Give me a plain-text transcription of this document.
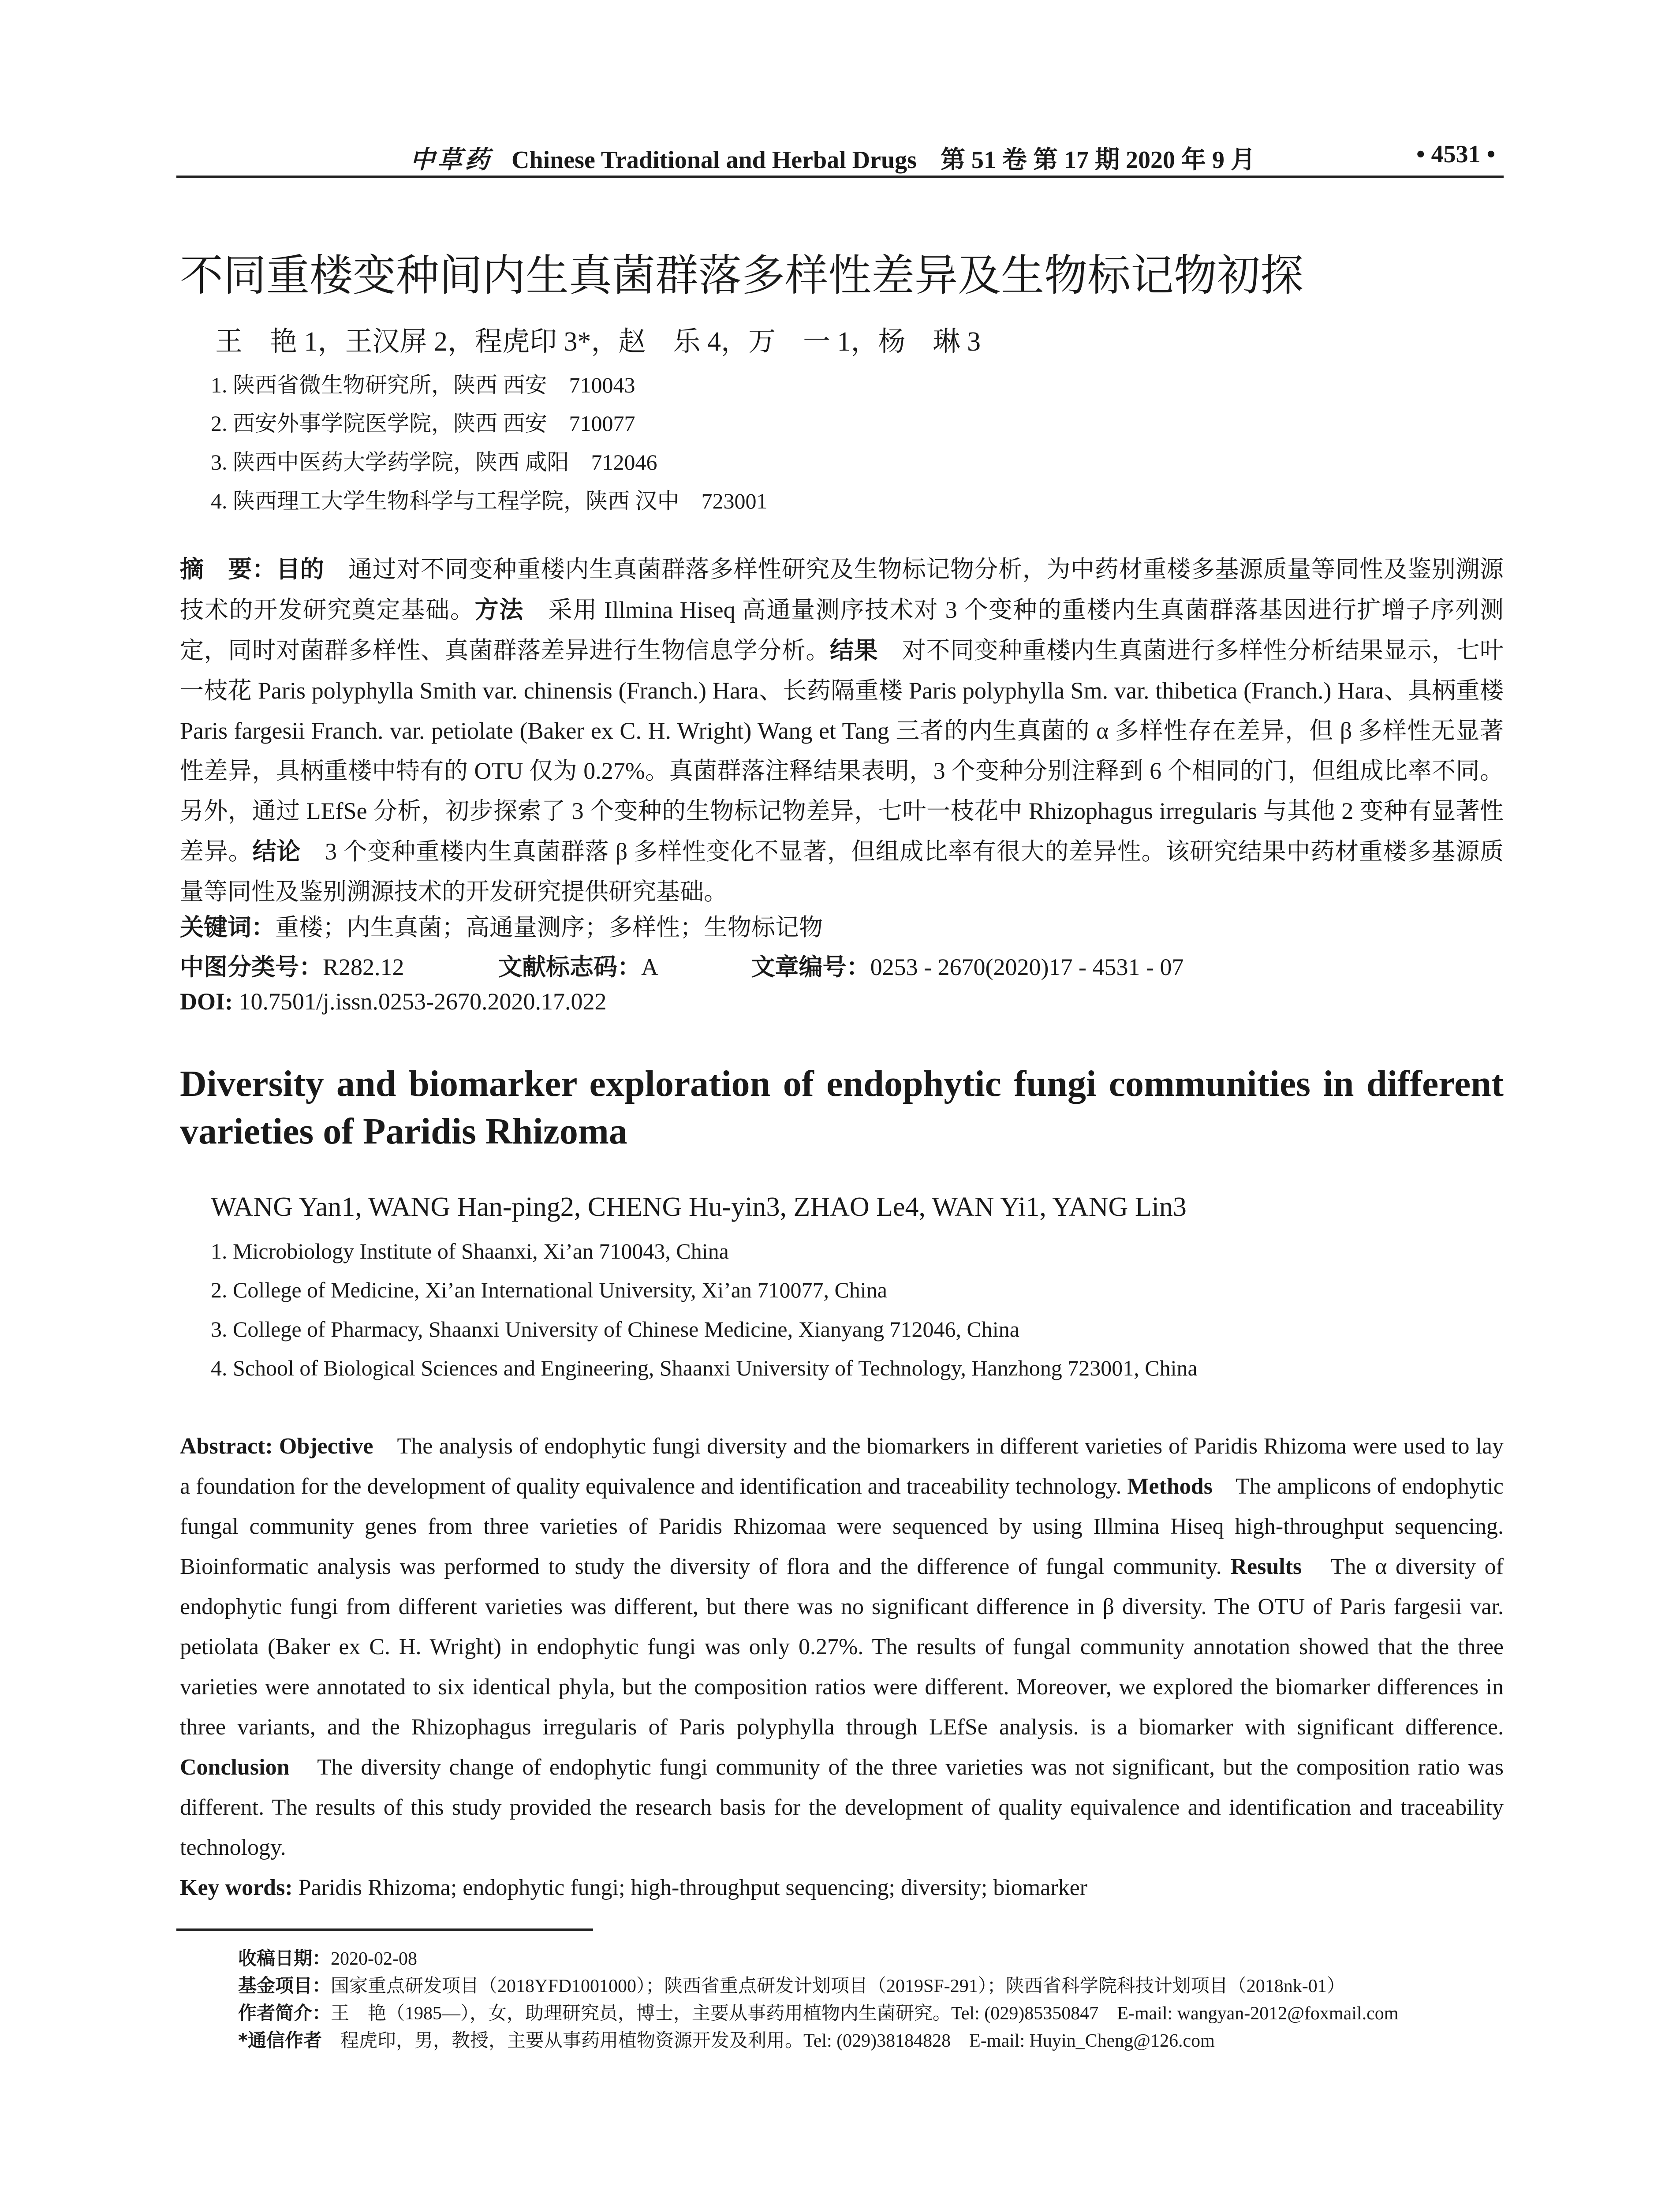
中草药 Chinese Traditional and Herbal Drugs 第 51 卷 第 17 期 2020 年 9 月	• 4531 •
不同重楼变种间内生真菌群落多样性差异及生物标记物初探
王　艳 1，王汉屏 2，程虎印 3*，赵　乐 4，万　一 1，杨　琳 3
1. 陕西省微生物研究所，陕西 西安　710043
2. 西安外事学院医学院，陕西 西安　710077
3. 陕西中医药大学药学院，陕西 咸阳　712046
4. 陕西理工大学生物科学与工程学院，陕西 汉中　723001
摘　要：目的　 通过对不同变种重楼内生真菌群落多样性研究及生物标记物分析，为中药材重楼多基源质量等同性及鉴别溯源技术的开发研究奠定基础。方法　 采用 Illmina Hiseq 高通量测序技术对 3 个变种的重楼内生真菌群落基因进行扩增子序列测定，同时对菌群多样性、真菌群落差异进行生物信息学分析。结果　 对不同变种重楼内生真菌进行多样性分析结果显示，七叶一枝花 Paris polyphylla Smith var. chinensis (Franch.) Hara、长药隔重楼 Paris polyphylla Sm. var. thibetica (Franch.) Hara、具柄重楼 Paris fargesii Franch. var. petiolate (Baker ex C. H. Wright) Wang et Tang 三者的内生真菌的 α 多样性存在差异，但 β 多样性无显著性差异，具柄重楼中特有的 OTU 仅为 0.27%。真菌群落注释结果表明，3 个变种分别注释到 6 个相同的门，但组成比率不同。另外，通过 LEfSe 分析，初步探索了 3 个变种的生物标记物差异，七叶一枝花中 Rhizophagus irregularis 与其他 2 变种有显著性差异。结论　 3 个变种重楼内生真菌群落 β 多样性变化不显著，但组成比率有很大的差异性。该研究结果中药材重楼多基源质量等同性及鉴别溯源技术的开发研究提供研究基础。
关键词：重楼；内生真菌；高通量测序；多样性；生物标记物
中图分类号：R282.12	文献标志码：A	文章编号：0253 - 2670(2020)17 - 4531 - 07
DOI: 10.7501/j.issn.0253-2670.2020.17.022
Diversity and biomarker exploration of endophytic fungi communities in different varieties of Paridis Rhizoma
WANG Yan1, WANG Han-ping2, CHENG Hu-yin3, ZHAO Le4, WAN Yi1, YANG Lin3
1. Microbiology Institute of Shaanxi, Xi’an 710043, China
2. College of Medicine, Xi’an International University, Xi’an 710077, China
3. College of Pharmacy, Shaanxi University of Chinese Medicine, Xianyang 712046, China
4. School of Biological Sciences and Engineering, Shaanxi University of Technology, Hanzhong 723001, China
Abstract: Objective　 The analysis of endophytic fungi diversity and the biomarkers in different varieties of Paridis Rhizoma were used to lay a foundation for the development of quality equivalence and identification and traceability technology. Methods　 The amplicons of endophytic fungal community genes from three varieties of Paridis Rhizomaa were sequenced by using Illmina Hiseq high-throughput sequencing. Bioinformatic analysis was performed to study the diversity of flora and the difference of fungal community. Results　 The α diversity of endophytic fungi from different varieties was different, but there was no significant difference in β diversity. The OTU of Paris fargesii var. petiolata (Baker ex C. H. Wright) in endophytic fungi was only 0.27%. The results of fungal community annotation showed that the three varieties were annotated to six identical phyla, but the composition ratios were different. Moreover, we explored the biomarker differences in three variants, and the Rhizophagus irregularis of Paris polyphylla through LEfSe analysis. is a biomarker with significant difference. Conclusion　 The diversity change of endophytic fungi community of the three varieties was not significant, but the composition ratio was different. The results of this study provided the research basis for the development of quality equivalence and identification and traceability technology.
Key words: Paridis Rhizoma; endophytic fungi; high-throughput sequencing; diversity; biomarker
收稿日期：2020-02-08
基金项目：国家重点研发项目（2018YFD1001000）；陕西省重点研发计划项目（2019SF-291）；陕西省科学院科技计划项目（2018nk-01）
作者简介：王　艳（1985—），女，助理研究员，博士，主要从事药用植物内生菌研究。Tel: (029)85350847　E-mail: wangyan-2012@foxmail.com
*通信作者　 程虎印，男，教授，主要从事药用植物资源开发及利用。Tel: (029)38184828　E-mail: Huyin_Cheng@126.com
